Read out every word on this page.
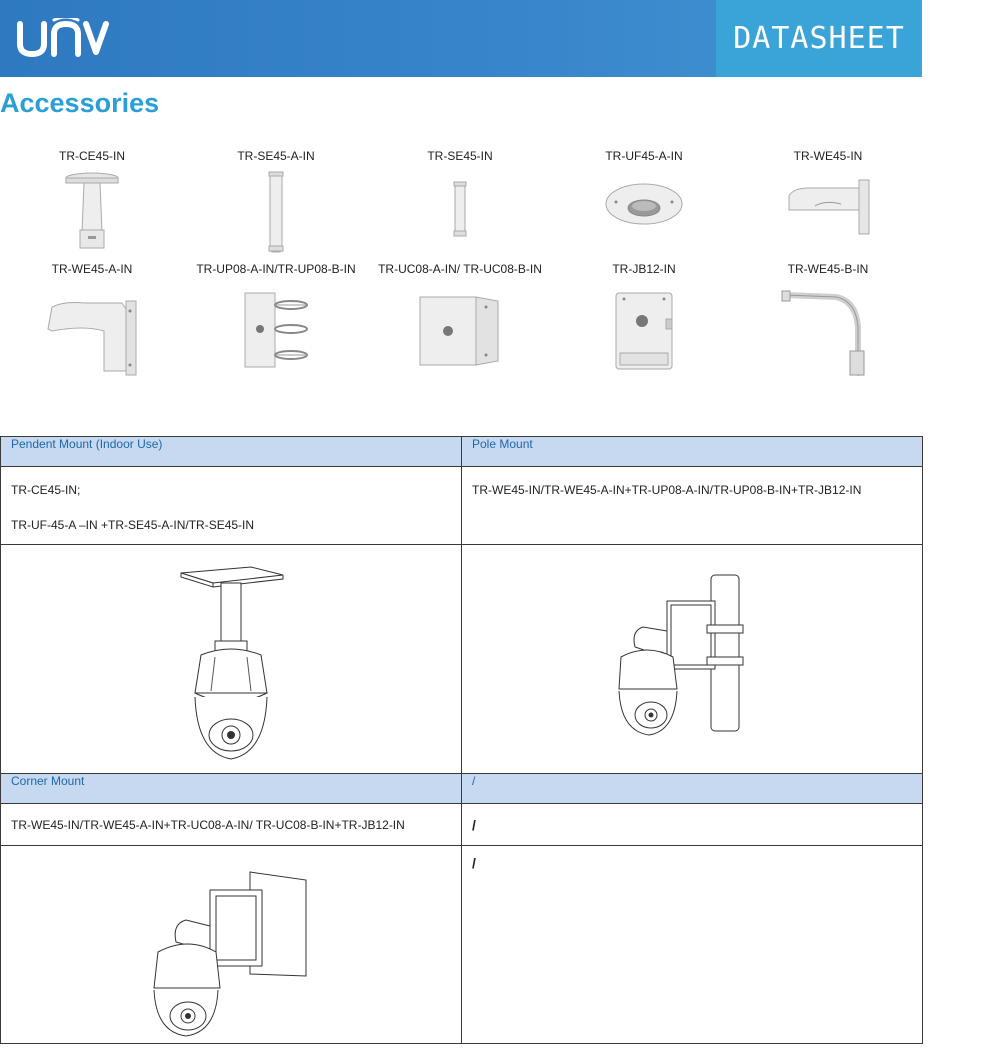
DATASHEET
Accessories
TR-CE45-IN	TR-SE45-A-IN	TR-SE45-IN	TR-UF45-A-IN	TR-WE45-IN
TR-WE45-A-IN	TR-UP08-A-IN/TR-UP08-B-IN	TR-UC08-A-IN/ TR-UC08-B-IN	TR-JB12-IN	TR-WE45-B-IN
Pendent Mount (Indoor Use)	Pole Mount

TR-CE45-IN;

TR-UF-45-A –IN +TR-SE45-A-IN/TR-SE45-IN	TR-WE45-IN/TR-WE45-A-IN+TR-UP08-A-IN/TR-UP08-B-IN+TR-JB12-IN

Corner Mount	/

TR-WE45-IN/TR-WE45-A-IN+TR-UC08-A-IN/ TR-UC08-B-IN+TR-JB12-IN	/

	/
